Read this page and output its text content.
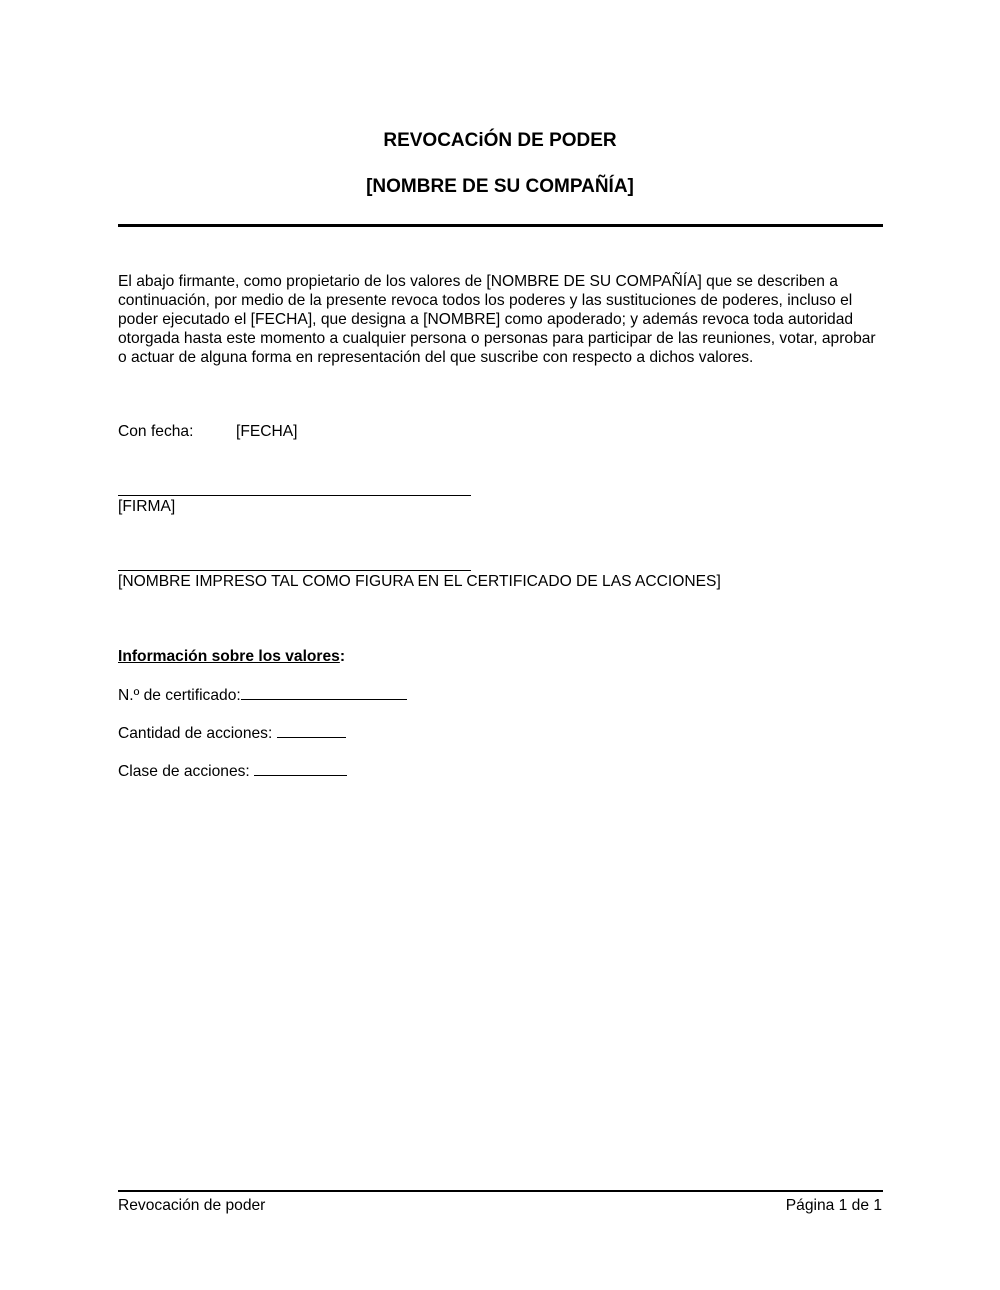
REVOCACiÓN DE PODER
[NOMBRE DE SU COMPAÑÍA]
El abajo firmante, como propietario de los valores de [NOMBRE DE SU COMPAÑÍA] que se describen a continuación, por medio de la presente revoca todos los poderes y las sustituciones de poderes, incluso el poder ejecutado el [FECHA], que designa a [NOMBRE] como apoderado; y además revoca toda autoridad otorgada hasta este momento a cualquier persona o personas para participar de las reuniones, votar, aprobar o actuar de alguna forma en representación del que suscribe con respecto a dichos valores.
Con fecha:	[FECHA]
[FIRMA]
[NOMBRE IMPRESO TAL COMO FIGURA EN EL CERTIFICADO DE LAS ACCIONES]
Información sobre los valores:
N.º de certificado:
Cantidad de acciones:
Clase de acciones:
Revocación de poder	Página 1 de 1
